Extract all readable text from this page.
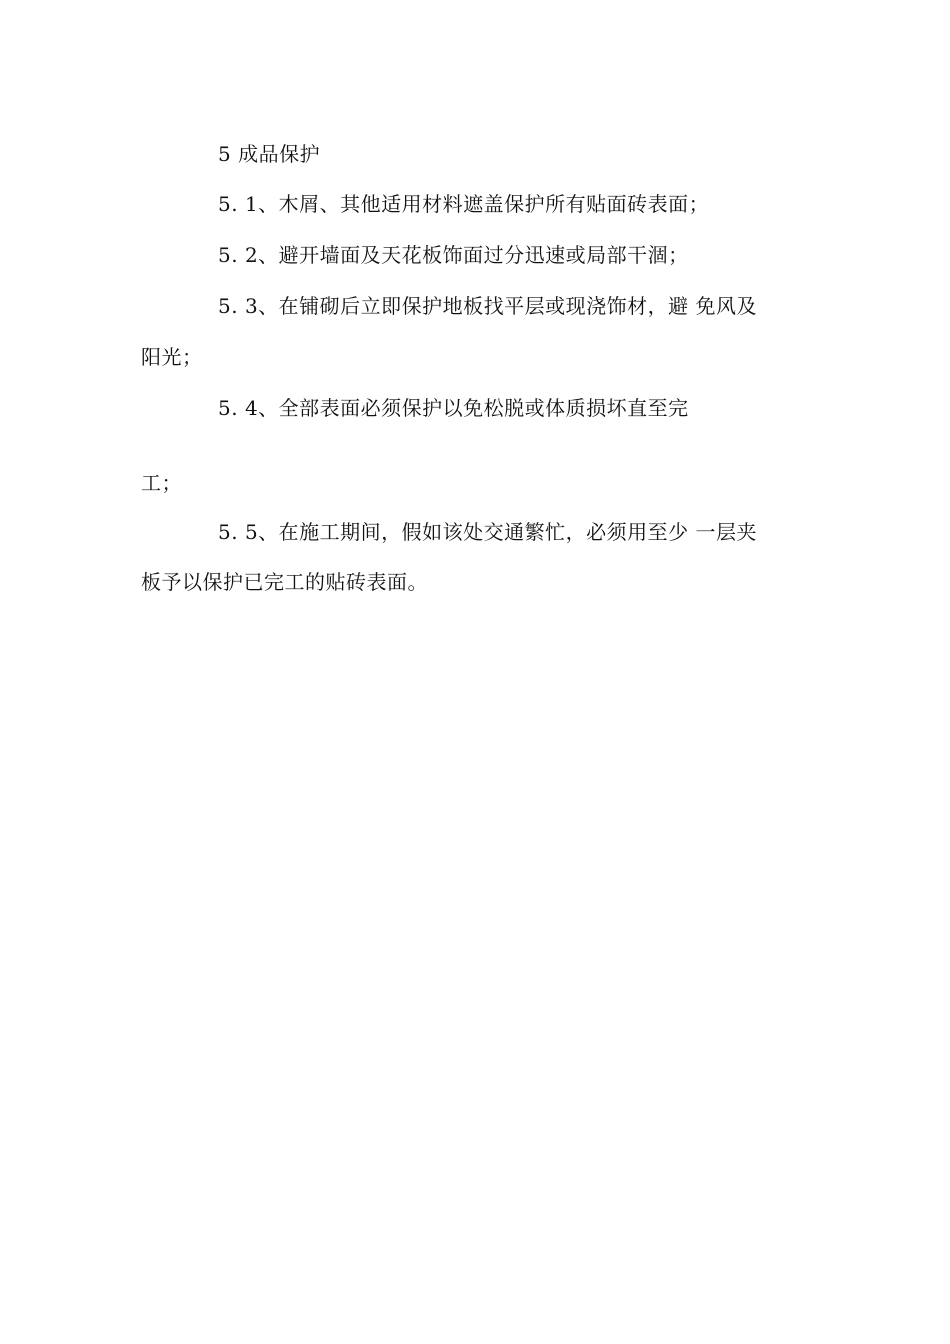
5 成品保护
5. 1、木屑、其他适用材料遮盖保护所有贴面砖表面；
5. 2、避开墙面及天花板饰面过分迅速或局部干涸；
5. 3、在铺砌后立即保护地板找平层或现浇饰材，避 免风及
阳光；
5. 4、全部表面必须保护以免松脱或体质损坏直至完
工；
5. 5、在施工期间，假如该处交通繁忙，必须用至少 一层夹
板予以保护已完工的贴砖表面。
